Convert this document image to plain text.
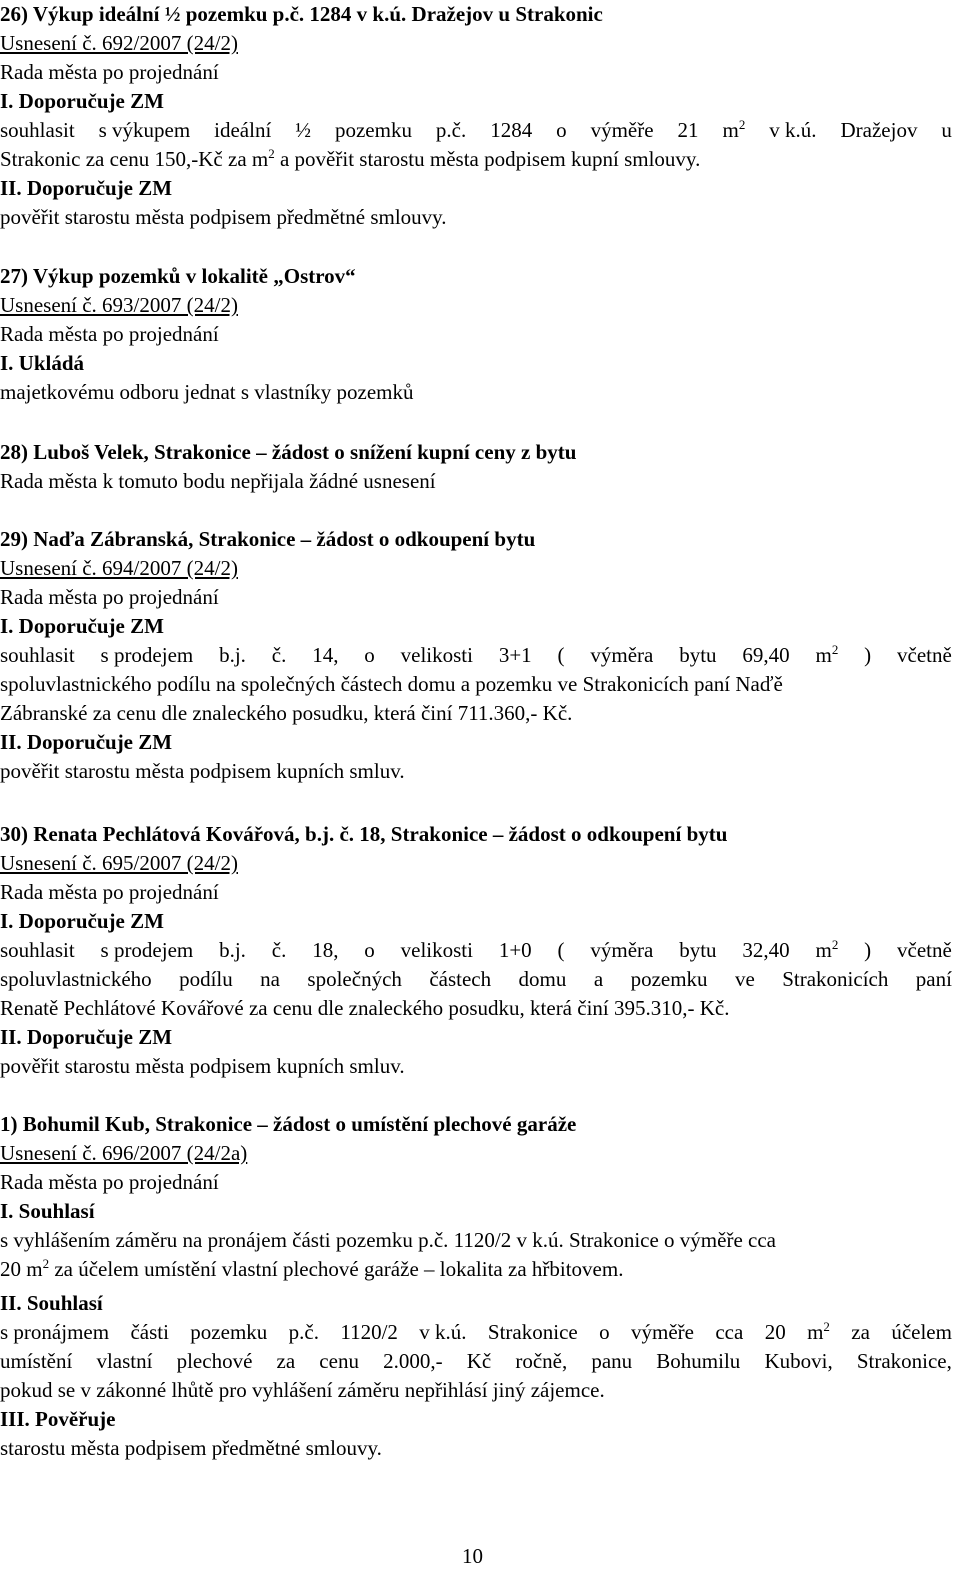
26) Výkup ideální ½ pozemku p.č. 1284 v k.ú. Dražejov u Strakonic
Usnesení č. 692/2007 (24/2)
Rada města po projednání
I. Doporučuje ZM
souhlasit s výkupem ideální ½ pozemku p.č. 1284 o výměře 21 $m^2$ v k.ú. Dražejov u
Strakonic za cenu 150,-Kč za $m^2$ a pověřit starostu města podpisem kupní smlouvy.
II. Doporučuje ZM
pověřit starostu města podpisem předmětné smlouvy.
27) Výkup pozemků v lokalitě „Ostrov“
Usnesení č. 693/2007 (24/2)
Rada města po projednání
I. Ukládá
majetkovému odboru jednat s vlastníky pozemků
28) Luboš Velek, Strakonice – žádost o snížení kupní ceny z bytu
Rada města k tomuto bodu nepřijala žádné usnesení
29) Naďa Zábranská, Strakonice – žádost o odkoupení bytu
Usnesení č. 694/2007 (24/2)
Rada města po projednání
I. Doporučuje ZM
souhlasit s prodejem b.j. č. 14, o velikosti 3+1 ( výměra bytu 69,40 $m^2$ ) včetně
spoluvlastnického podílu na společných částech domu a pozemku ve Strakonicích paní Naďě
Zábranské za cenu dle znaleckého posudku, která činí 711.360,- Kč.
II. Doporučuje ZM
pověřit starostu města podpisem kupních smluv.
30) Renata Pechlátová Kovářová, b.j. č. 18, Strakonice – žádost o odkoupení bytu
Usnesení č. 695/2007 (24/2)
Rada města po projednání
I. Doporučuje ZM
souhlasit s prodejem b.j. č. 18, o velikosti 1+0 ( výměra bytu 32,40 $m^2$ ) včetně
spoluvlastnického podílu na společných částech domu a pozemku ve Strakonicích paní
Renatě Pechlátové Kovářové za cenu dle znaleckého posudku, která činí 395.310,- Kč.
II. Doporučuje ZM
pověřit starostu města podpisem kupních smluv.
1) Bohumil Kub, Strakonice – žádost o umístění plechové garáže
Usnesení č. 696/2007 (24/2a)
Rada města po projednání
I. Souhlasí
s vyhlášením záměru na pronájem části pozemku p.č. 1120/2 v k.ú. Strakonice o výměře cca
20 $m^2$ za účelem umístění vlastní plechové garáže – lokalita za hřbitovem.
II. Souhlasí
s pronájmem části pozemku p.č. 1120/2 v k.ú. Strakonice o výměře cca 20 $m^2$ za účelem
umístění vlastní plechové za cenu 2.000,- Kč ročně, panu Bohumilu Kubovi, Strakonice,
pokud se v zákonné lhůtě pro vyhlášení záměru nepřihlásí jiný zájemce.
III. Pověřuje
starostu města podpisem předmětné smlouvy.
10
